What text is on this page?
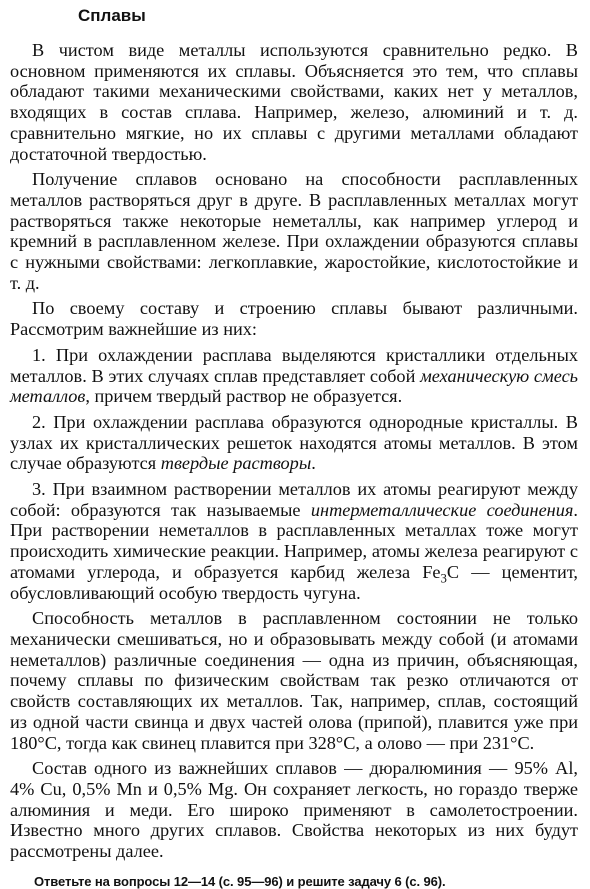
Сплавы

В чистом виде металлы используются сравнительно редко. В основном применяются их сплавы. Объясняется это тем, что сплавы обладают такими механическими свойствами, каких нет у металлов, входящих в состав сплава. Например, железо, алюминий и т. д. сравнительно мягкие, но их сплавы с другими металлами обладают достаточной твердостью.

Получение сплавов основано на способности расплавленных металлов растворяться друг в друге. В расплавленных металлах могут растворяться также некоторые неметаллы, как например углерод и кремний в расплавленном железе. При охлаждении образуются сплавы с нужными свойствами: легкоплавкие, жаростойкие, кислотостойкие и т. д.

По своему составу и строению сплавы бывают различными. Рассмотрим важнейшие из них:

1. При охлаждении расплава выделяются кристаллики отдельных металлов. В этих случаях сплав представляет собой механическую смесь металлов, причем твердый раствор не образуется.

2. При охлаждении расплава образуются однородные кристаллы. В узлах их кристаллических решеток находятся атомы металлов. В этом случае образуются твердые растворы.

3. При взаимном растворении металлов их атомы реагируют между собой: образуются так называемые интерметаллические соединения. При растворении неметаллов в расплавленных металлах тоже могут происходить химические реакции. Например, атомы железа реагируют с атомами углерода, и образуется карбид железа $Fe_3C$ — цементит, обусловливающий особую твердость чугуна.

Способность металлов в расплавленном состоянии не только механически смешиваться, но и образовывать между собой (и атомами неметаллов) различные соединения — одна из причин, объясняющая, почему сплавы по физическим свойствам так резко отличаются от свойств составляющих их металлов. Так, например, сплав, состоящий из одной части свинца и двух частей олова (припой), плавится уже при 180°С, тогда как свинец плавится при 328°С, а олово — при 231°С.

Состав одного из важнейших сплавов — дюралюминия — 95% Al, 4% Cu, 0,5% Mn и 0,5% Mg. Он сохраняет легкость, но гораздо тверже алюминия и меди. Его широко применяют в самолетостроении. Известно много других сплавов. Свойства некоторых из них будут рассмотрены далее.

Ответьте на вопросы 12—14 (с. 95—96) и решите задачу 6 (с. 96).
